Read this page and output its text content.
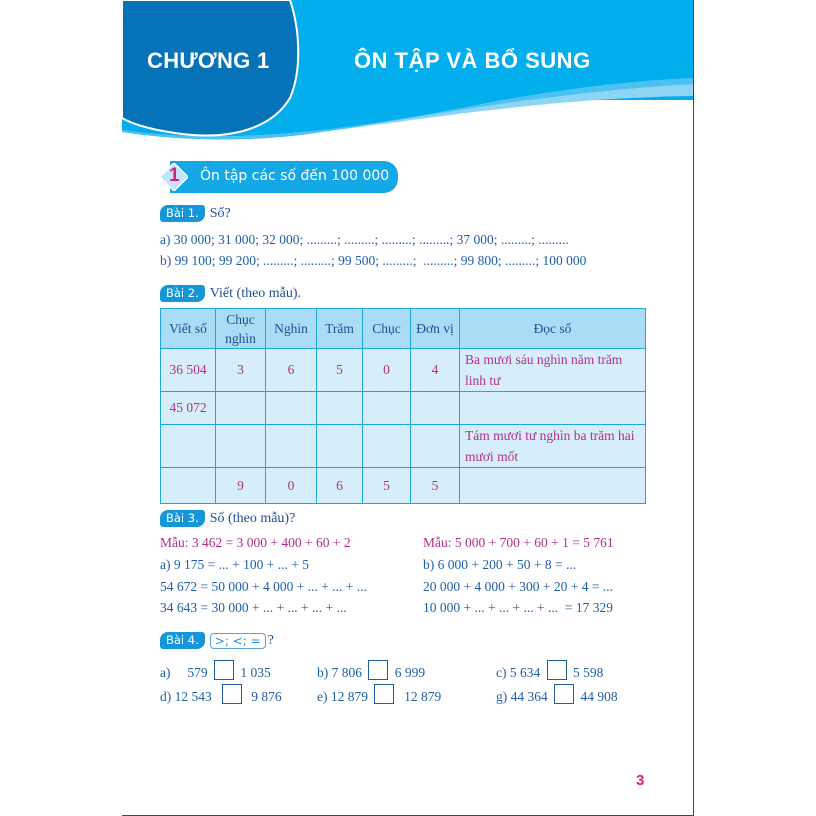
CHƯƠNG 1	ÔN TẬP VÀ BỔ SUNG
1 Ôn tập các số đến 100 000
Bài 1. Số?
a) 30 000; 31 000; 32 000; .........; .........; .........; .........; 37 000; .........; .........
b) 99 100; 99 200; .........; .........; 99 500; .........;  .........; 99 800; .........; 100 000
Bài 2. Viết (theo mẫu).
Viết số	Chục nghìn	Nghìn	Trăm	Chục	Đơn vị	Đọc số
36 504	3	6	5	0	4	Ba mươi sáu nghìn năm trăm linh tư
45 072						
						Tám mươi tư nghìn ba trăm hai mươi mốt
	9	0	6	5	5	
Bài 3. Số (theo mẫu)?
Mẫu: 3 462 = 3 000 + 400 + 60 + 2
a) 9 175 = ... + 100 + ... + 5
54 672 = 50 000 + 4 000 + ... + ... + ...
34 643 = 30 000 + ... + ... + ... + ...
Mẫu: 5 000 + 700 + 60 + 1 = 5 761
b) 6 000 + 200 + 50 + 8 = ...
20 000 + 4 000 + 300 + 20 + 4 = ...
10 000 + ... + ... + ... + ...  = 17 329
Bài 4.	>; <; = ?
a) 579 1 035	b) 7 806 6 999	c) 5 634 5 598
d) 12 543	9 876	e) 12 879	12 879	g) 44 364 44 908
3
